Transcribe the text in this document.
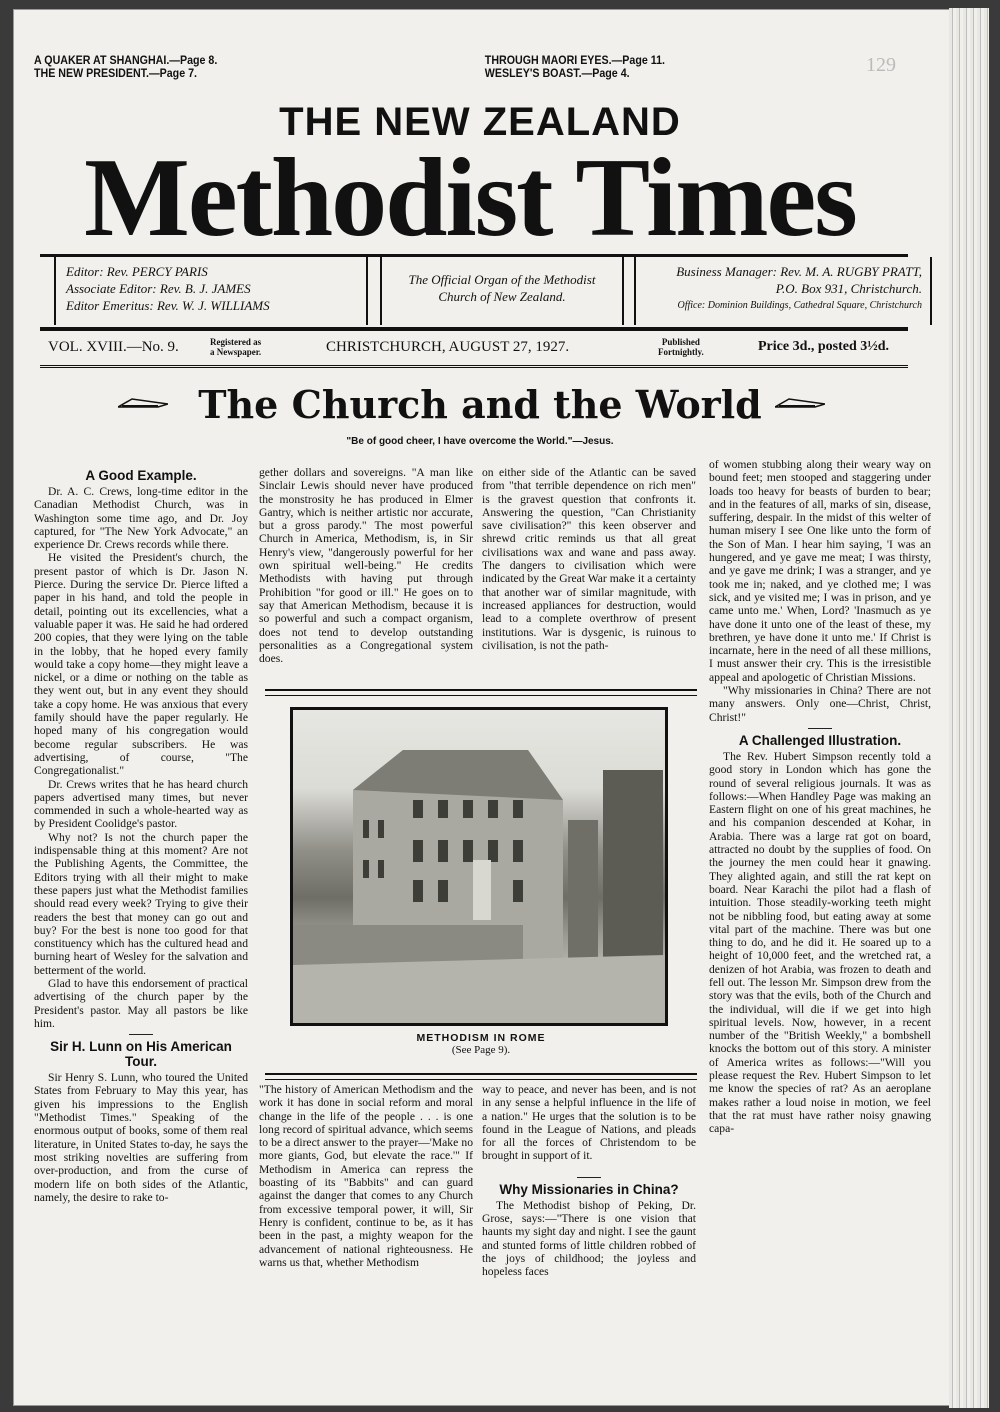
A QUAKER AT SHANGHAI.—Page 8.
THE NEW PRESIDENT.—Page 7.
THROUGH MAORI EYES.—Page 11.
WESLEY'S BOAST.—Page 4.	129
THE NEW ZEALAND
Methodist Times
Editor: Rev. PERCY PARIS
Associate Editor: Rev. B. J. JAMES
Editor Emeritus: Rev. W. J. WILLIAMS
The Official Organ of the Methodist
Church of New Zealand.
Business Manager: Rev. M. A. RUGBY PRATT,
P.O. Box 931, Christchurch.
Office: Dominion Buildings, Cathedral Square, Christchurch
VOL. XVIII.—No. 9.	Registered as
a Newspaper.	CHRISTCHURCH, AUGUST 27, 1927.	Published
Fortnightly.	Price 3d., posted 3½d.
The Church and the World
"Be of good cheer, I have overcome the World."—Jesus.
A Good Example.

Dr. A. C. Crews, long-time editor in the Canadian Methodist Church, was in Washington some time ago, and Dr. Joy captured, for "The New York Advocate," an experience Dr. Crews records while there.

He visited the President's church, the present pastor of which is Dr. Jason N. Pierce. During the service Dr. Pierce lifted a paper in his hand, and told the people in detail, pointing out its excellencies, what a valuable paper it was. He said he had ordered 200 copies, that they were lying on the table in the lobby, that he hoped every family would take a copy home—they might leave a nickel, or a dime or nothing on the table as they went out, but in any event they should take a copy home. He was anxious that every family should have the paper regularly. He hoped many of his congregation would become regular subscribers. He was advertising, of course, "The Congregationalist."

Dr. Crews writes that he has heard church papers advertised many times, but never commended in such a whole-hearted way as by President Coolidge's pastor.

Why not? Is not the church paper the indispensable thing at this moment? Are not the Publishing Agents, the Committee, the Editors trying with all their might to make these papers just what the Methodist families should read every week? Trying to give their readers the best that money can go out and buy? For the best is none too good for that constituency which has the cultured head and burning heart of Wesley for the salvation and betterment of the world.

Glad to have this endorsement of practical advertising of the church paper by the President's pastor. May all pastors be like him.

Sir H. Lunn on His American Tour.

Sir Henry S. Lunn, who toured the United States from February to May this year, has given his impressions to the English "Methodist Times." Speaking of the enormous output of books, some of them real literature, in United States to-day, he says the most striking novelties are suffering from over-production, and from the curse of modern life on both sides of the Atlantic, namely, the desire to rake to-

gether dollars and sovereigns. "A man like Sinclair Lewis should never have produced the monstrosity he has produced in Elmer Gantry, which is neither artistic nor accurate, but a gross parody." The most powerful Church in America, Methodism, is, in Sir Henry's view, "dangerously powerful for her own spiritual well-being." He credits Methodists with having put through Prohibition "for good or ill." He goes on to say that American Methodism, because it is so powerful and such a compact organism, does not tend to develop outstanding personalities as a Congregational system does.

on either side of the Atlantic can be saved from "that terrible dependence on rich men" is the gravest question that confronts it. Answering the question, "Can Christianity save civilisation?" this keen observer and shrewd critic reminds us that all great civilisations wax and wane and pass away. The dangers to civilisation which were indicated by the Great War make it a certainty that another war of similar magnitude, with increased appliances for destruction, would lead to a complete overthrow of present institutions. War is dysgenic, is ruinous to civilisation, is not the path-

METHODISM IN ROME
(See Page 9).

"The history of American Methodism and the work it has done in social reform and moral change in the life of the people . . . is one long record of spiritual advance, which seems to be a direct answer to the prayer—'Make no more giants, God, but elevate the race.'" If Methodism in America can repress the boasting of its "Babbits" and can guard against the danger that comes to any Church from excessive temporal power, it will, Sir Henry is confident, continue to be, as it has been in the past, a mighty weapon for the advancement of national righteousness. He warns us that, whether Methodism

way to peace, and never has been, and is not in any sense a helpful influence in the life of a nation." He urges that the solution is to be found in the League of Nations, and pleads for all the forces of Christendom to be brought in support of it.

Why Missionaries in China?

The Methodist bishop of Peking, Dr. Grose, says:—"There is one vision that haunts my sight day and night. I see the gaunt and stunted forms of little children robbed of the joys of childhood; the joyless and hopeless faces

of women stubbing along their weary way on bound feet; men stooped and staggering under loads too heavy for beasts of burden to bear; and in the features of all, marks of sin, disease, suffering, despair. In the midst of this welter of human misery I see One like unto the form of the Son of Man. I hear him saying, 'I was an hungered, and ye gave me meat; I was thirsty, and ye gave me drink; I was a stranger, and ye took me in; naked, and ye clothed me; I was sick, and ye visited me; I was in prison, and ye came unto me.' When, Lord? 'Inasmuch as ye have done it unto one of the least of these, my brethren, ye have done it unto me.' If Christ is incarnate, here in the need of all these millions, I must answer their cry. This is the irresistible appeal and apologetic of Christian Missions.

"Why missionaries in China? There are not many answers. Only one—Christ, Christ, Christ!"

A Challenged Illustration.

The Rev. Hubert Simpson recently told a good story in London which has gone the round of several religious journals. It was as follows:—When Handley Page was making an Eastern flight on one of his great machines, he and his companion descended at Kohar, in Arabia. There was a large rat got on board, attracted no doubt by the supplies of food. On the journey the men could hear it gnawing. They alighted again, and still the rat kept on board. Near Karachi the pilot had a flash of intuition. Those steadily-working teeth might not be nibbling food, but eating away at some vital part of the machine. There was but one thing to do, and he did it. He soared up to a height of 10,000 feet, and the wretched rat, a denizen of hot Arabia, was frozen to death and fell out. The lesson Mr. Simpson drew from the story was that the evils, both of the Church and the individual, will die if we get into high spiritual levels. Now, however, in a recent number of the "British Weekly," a bombshell knocks the bottom out of this story. A minister of America writes as follows:—"Will you please request the Rev. Hubert Simpson to let me know the species of rat? As an aeroplane makes rather a loud noise in motion, we feel that the rat must have rather noisy gnawing capa-
